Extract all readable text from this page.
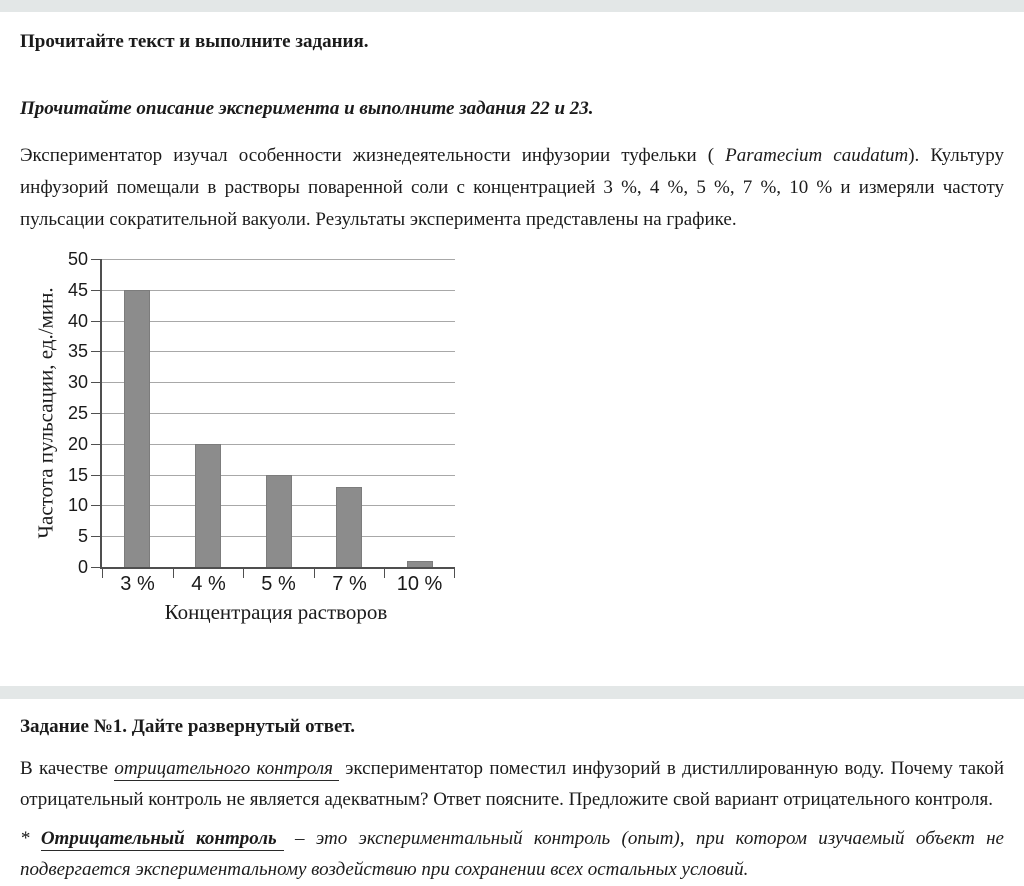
Прочитайте текст и выполните задания.
Прочитайте описание эксперимента и выполните задания 22 и 23.
Экспериментатор изучал особенности жизнедеятельности инфузории туфельки ( Paramecium caudatum). Культуру инфузорий помещали в растворы поваренной соли с концентрацией 3 %, 4 %, 5 %, 7 %, 10 % и измеряли частоту пульсации сократительной вакуоли. Результаты эксперимента представлены на графике.
Частота пульсации, ед./мин.
0
5
10
15
20
25
30
35
40
45
50
3 %	4 %	5 %	7 %	10 %
Концентрация растворов
Задание №1. Дайте развернутый ответ.
В качестве отрицательного контроля экспериментатор поместил инфузорий в дистиллированную воду. Почему такой отрицательный контроль не является адекватным? Ответ поясните. Предложите свой вариант отрицательного контроля.
* Отрицательный контроль – это экспериментальный контроль (опыт), при котором изучаемый объект не подвергается экспериментальному воздействию при сохранении всех остальных условий.
